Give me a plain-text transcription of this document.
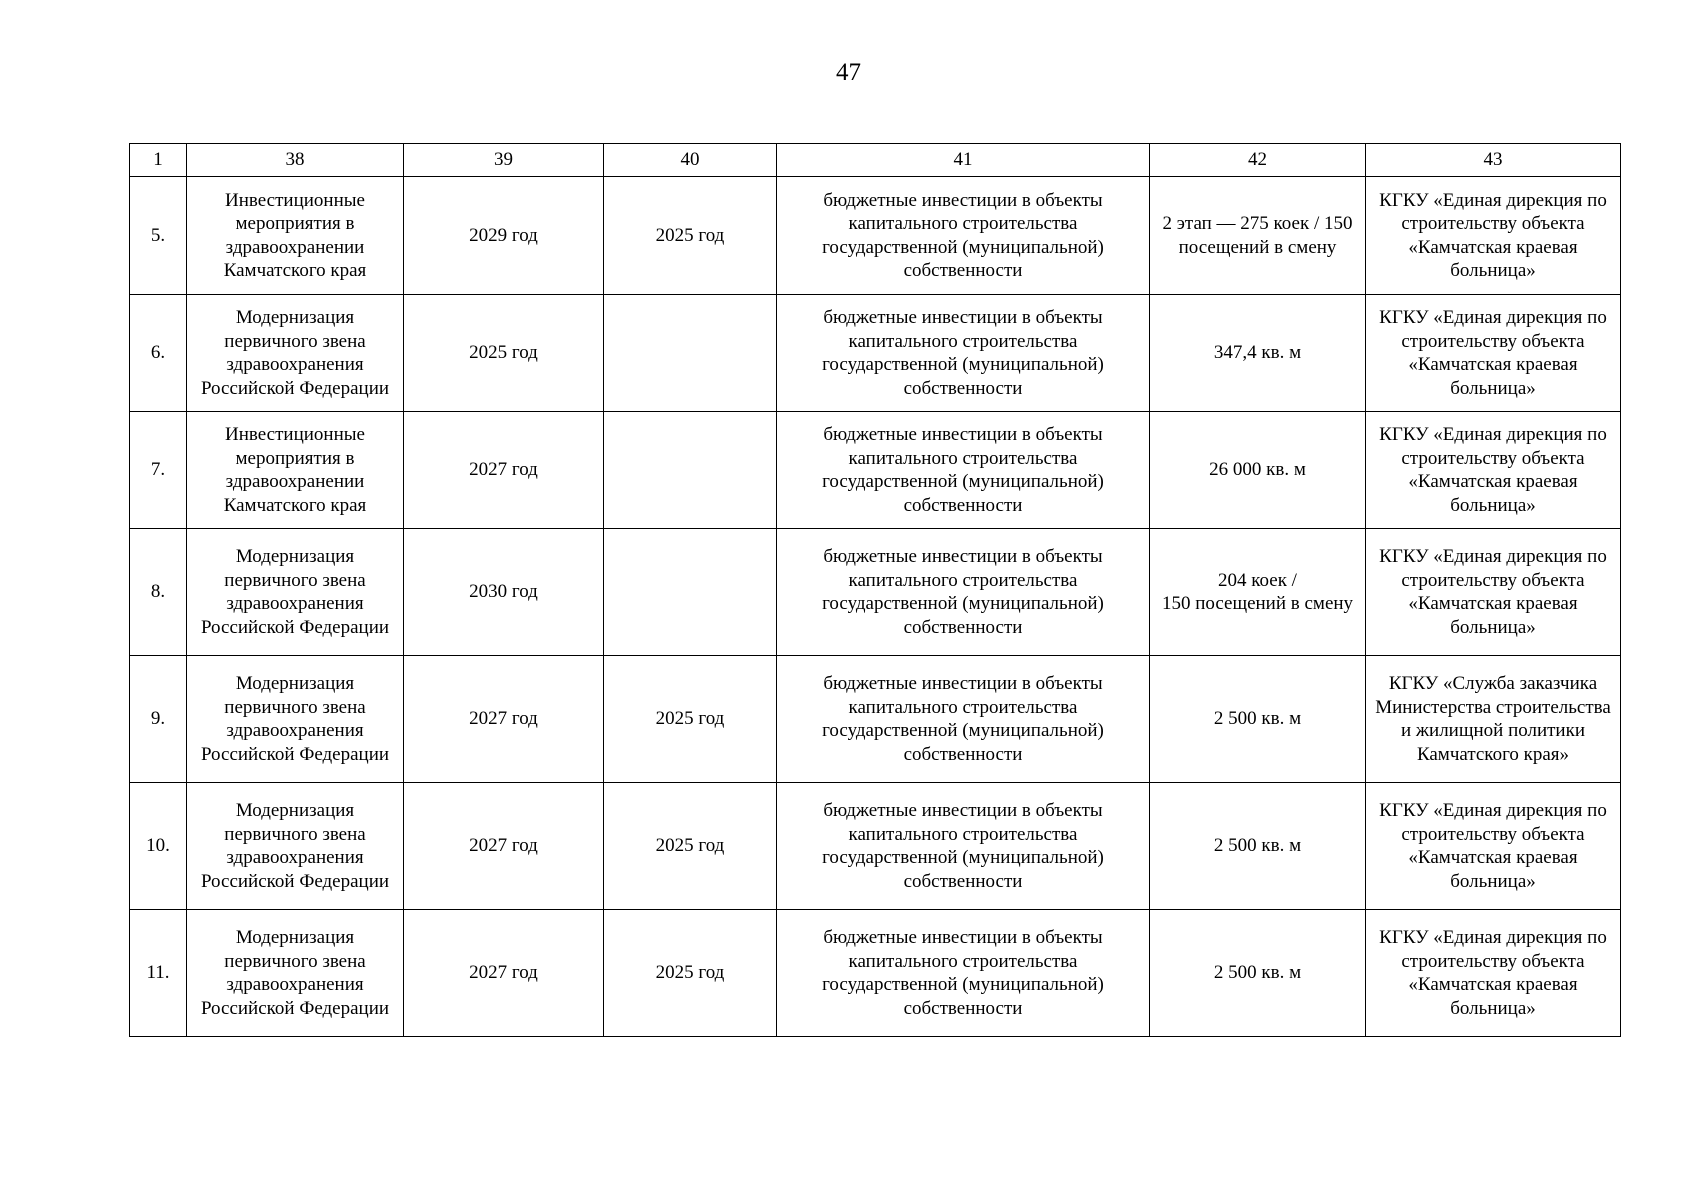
47
1	38	39	40	41	42	43
5.	Инвестиционные мероприятия в здравоохранении Камчатского края	2029 год	2025 год	бюджетные инвестиции в объекты капитального строительства государственной (муниципальной) собственности	2 этап — 275 коек / 150 посещений в смену	КГКУ «Единая дирекция по строительству объекта «Камчатская краевая больница»
6.	Модернизация первичного звена здравоохранения Российской Федерации	2025 год		бюджетные инвестиции в объекты капитального строительства государственной (муниципальной) собственности	347,4 кв. м	КГКУ «Единая дирекция по строительству объекта «Камчатская краевая больница»
7.	Инвестиционные мероприятия в здравоохранении Камчатского края	2027 год		бюджетные инвестиции в объекты капитального строительства государственной (муниципальной) собственности	26 000 кв. м	КГКУ «Единая дирекция по строительству объекта «Камчатская краевая больница»
8.	Модернизация первичного звена здравоохранения Российской Федерации	2030 год		бюджетные инвестиции в объекты капитального строительства государственной (муниципальной) собственности	204 коек /
150 посещений в смену	КГКУ «Единая дирекция по строительству объекта «Камчатская краевая больница»
9.	Модернизация первичного звена здравоохранения Российской Федерации	2027 год	2025 год	бюджетные инвестиции в объекты капитального строительства государственной (муниципальной) собственности	2 500 кв. м	КГКУ «Служба заказчика Министерства строительства и жилищной политики Камчатского края»
10.	Модернизация первичного звена здравоохранения Российской Федерации	2027 год	2025 год	бюджетные инвестиции в объекты капитального строительства государственной (муниципальной) собственности	2 500 кв. м	КГКУ «Единая дирекция по строительству объекта «Камчатская краевая больница»
11.	Модернизация первичного звена здравоохранения Российской Федерации	2027 год	2025 год	бюджетные инвестиции в объекты капитального строительства государственной (муниципальной) собственности	2 500 кв. м	КГКУ «Единая дирекция по строительству объекта «Камчатская краевая больница»
